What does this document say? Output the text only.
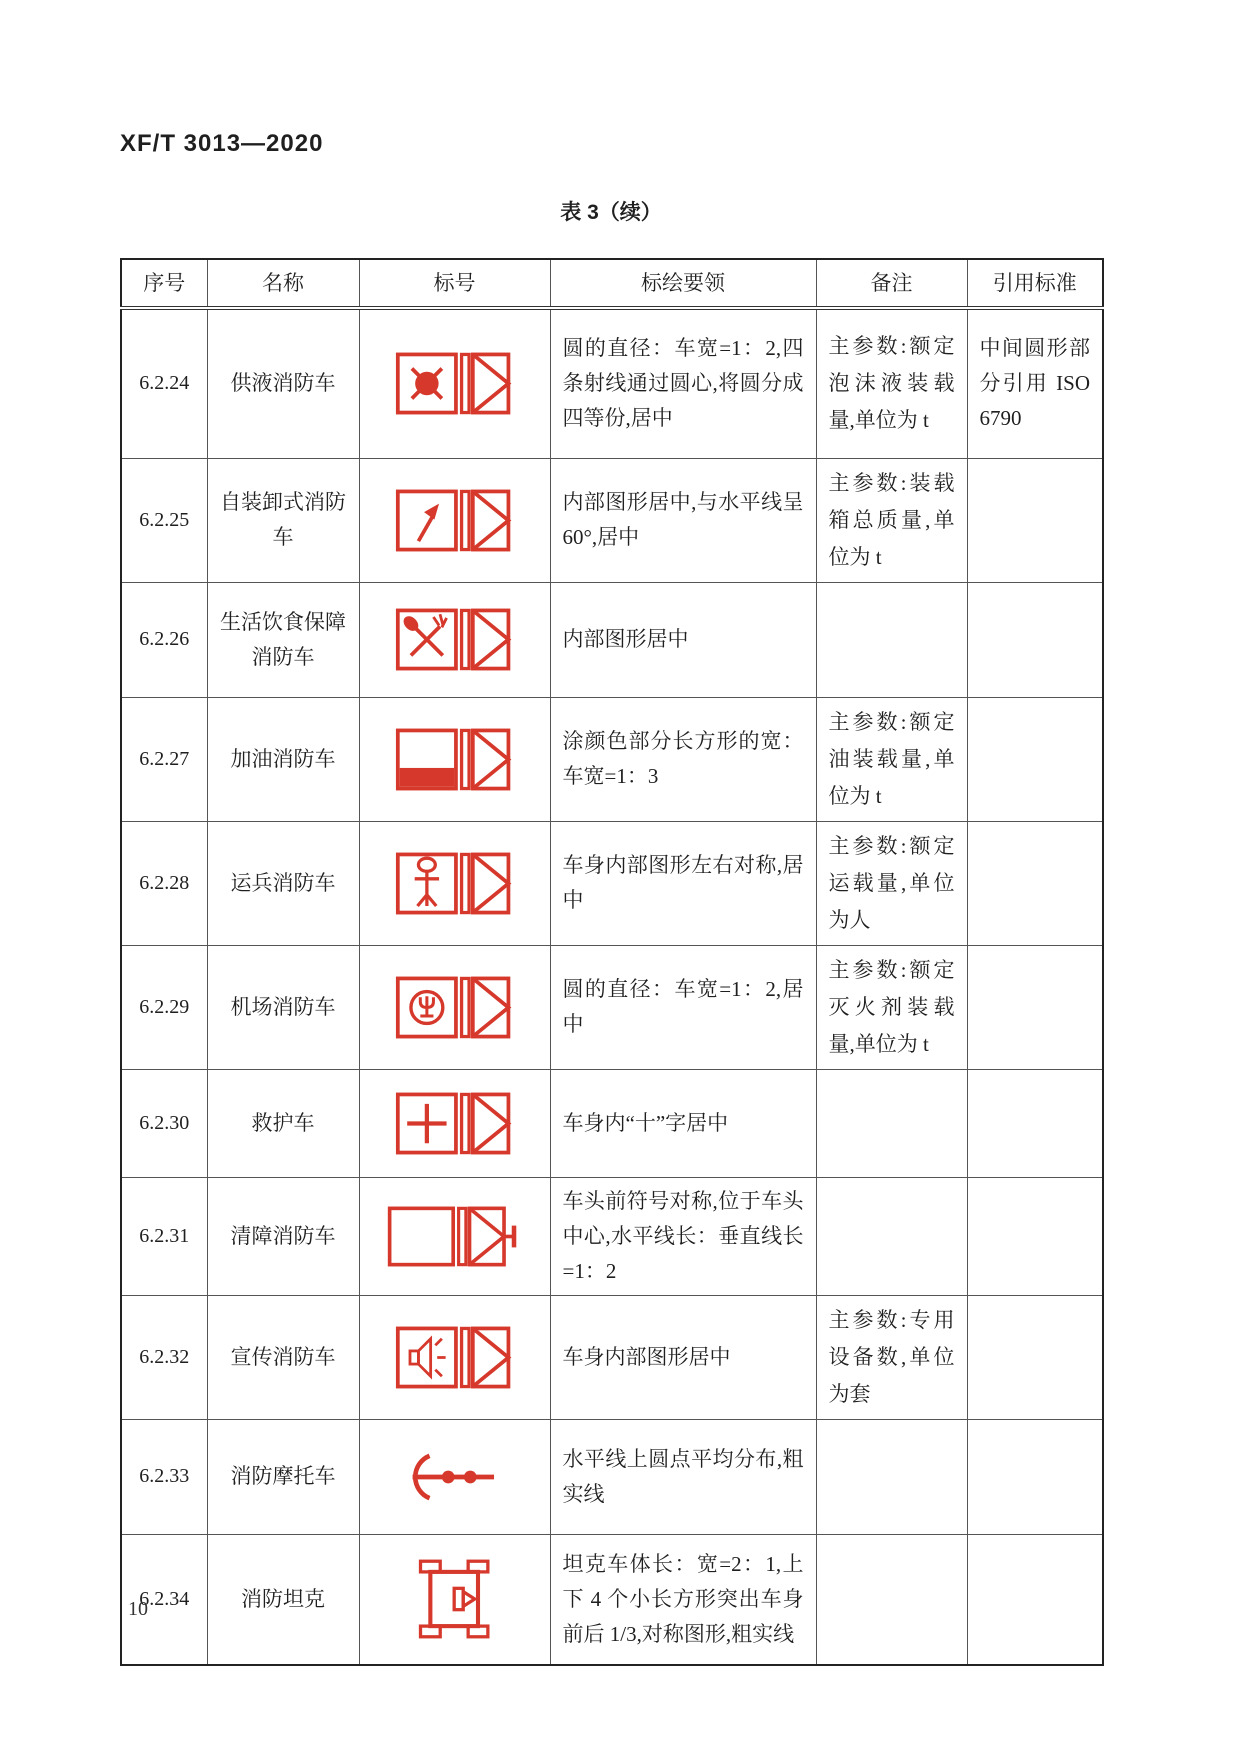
XF/T 3013—2020
表 3（续）
序号	名称	标号	标绘要领	备注	引用标准
6.2.24	供液消防车		圆的直径：车宽=1：2,四条射线通过圆心,将圆分成四等份,居中	主参数:额定泡沫液装载量,单位为 t	中间圆形部分引用 ISO 6790
6.2.25	自装卸式消防车		内部图形居中,与水平线呈60°,居中	主参数:装载箱总质量,单位为 t	
6.2.26	生活饮食保障消防车		内部图形居中		
6.2.27	加油消防车		涂颜色部分长方形的宽：车宽=1：3	主参数:额定油装载量,单位为 t	
6.2.28	运兵消防车		车身内部图形左右对称,居中	主参数:额定运载量,单位为人	
6.2.29	机场消防车		圆的直径：车宽=1：2,居中	主参数:额定灭火剂装载量,单位为 t	
6.2.30	救护车		车身内“十”字居中		
6.2.31	清障消防车		车头前符号对称,位于车头中心,水平线长：垂直线长=1：2		
6.2.32	宣传消防车		车身内部图形居中	主参数:专用设备数,单位为套	
6.2.33	消防摩托车		水平线上圆点平均分布,粗实线		
6.2.34	消防坦克		坦克车体长：宽=2：1,上下 4 个小长方形突出车身前后 1/3,对称图形,粗实线		
10
